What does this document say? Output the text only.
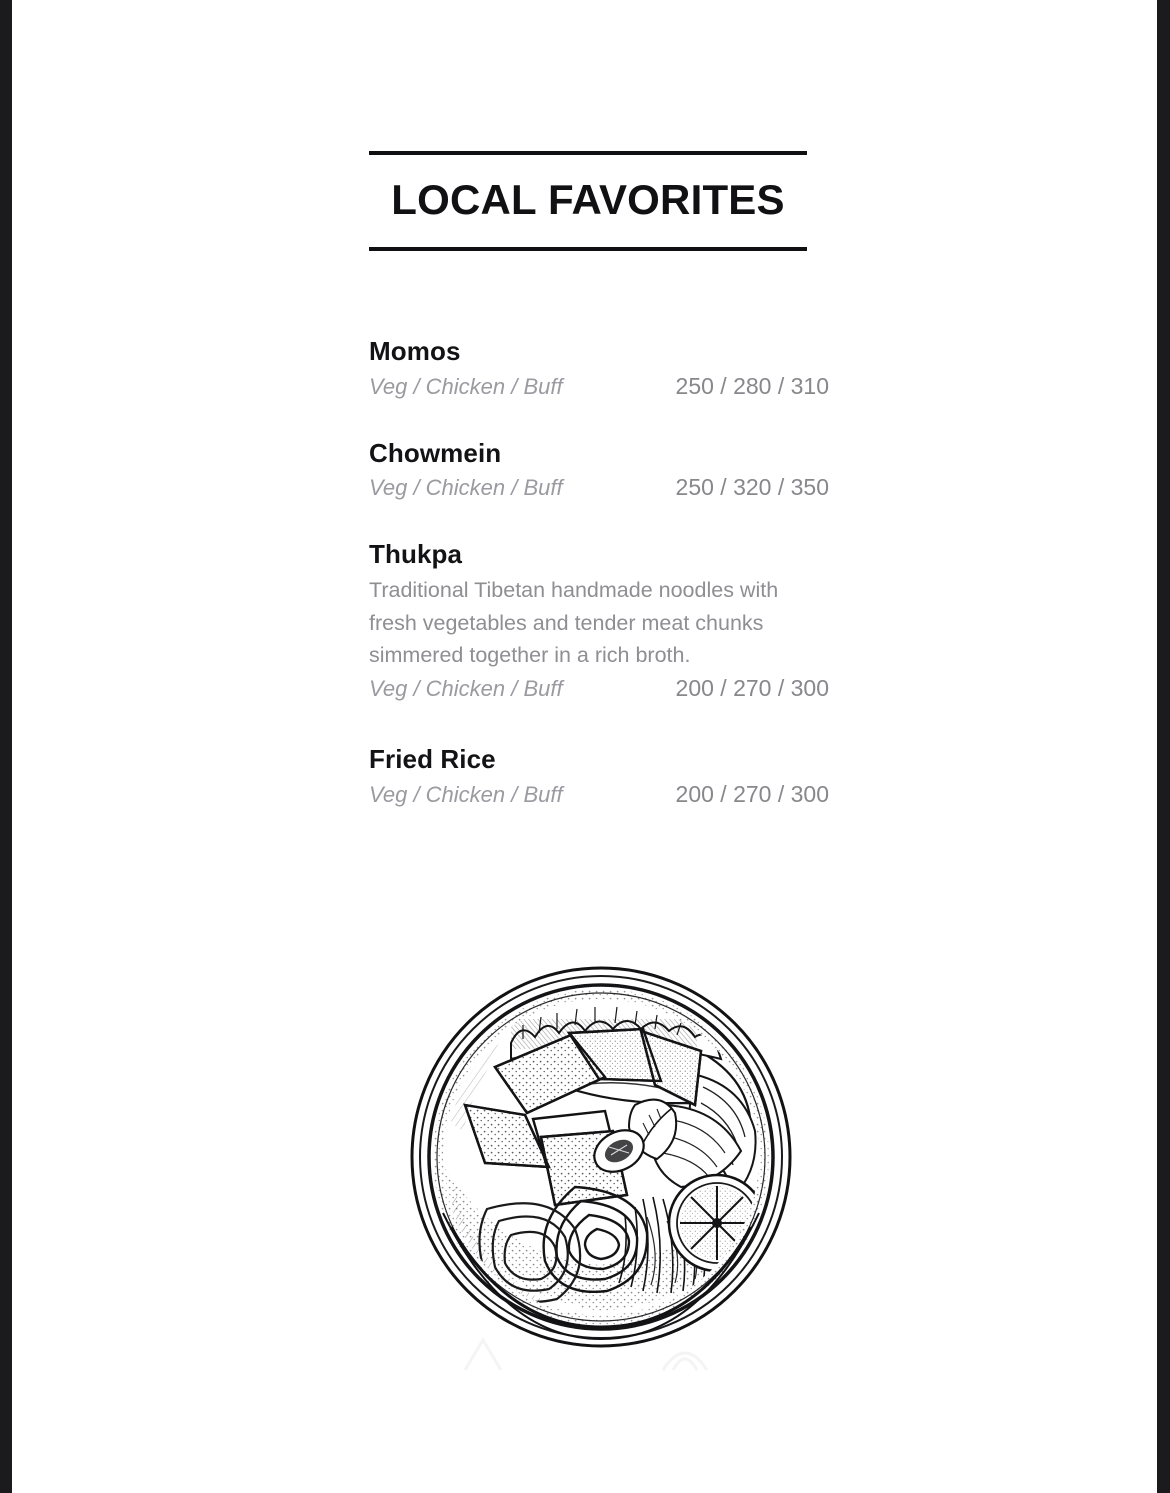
LOCAL FAVORITES
Momos
Veg / Chicken / Buff	250 / 280 / 310
Chowmein
Veg / Chicken / Buff	250 / 320 / 350
Thukpa
Traditional Tibetan handmade noodles with fresh vegetables and tender meat chunks simmered together in a rich broth.
Veg / Chicken / Buff	200 / 270 / 300
Fried Rice
Veg / Chicken / Buff	200 / 270 / 300
